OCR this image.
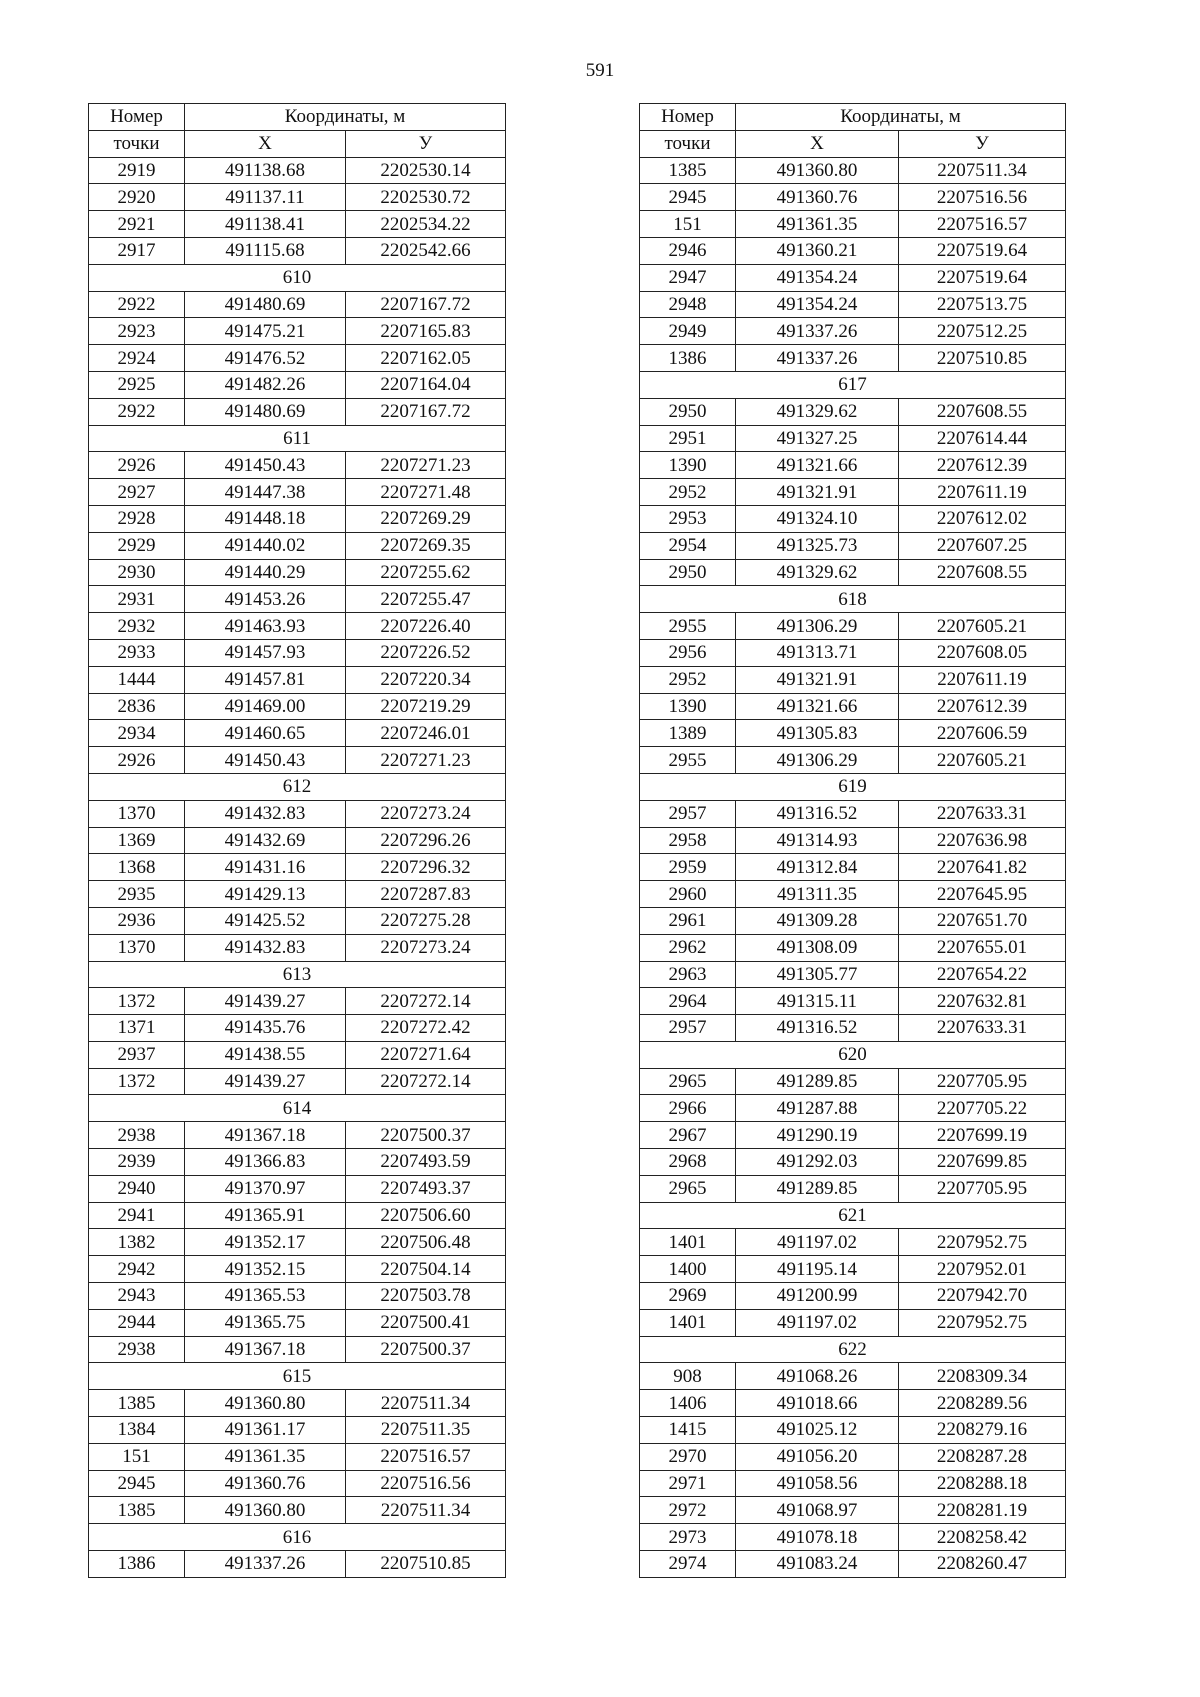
591
Номер	Координаты, м	
точки	Х	У
2919	491138.68	2202530.14
2920	491137.11	2202530.72
2921	491138.41	2202534.22
2917	491115.68	2202542.66
610		
2922	491480.69	2207167.72
2923	491475.21	2207165.83
2924	491476.52	2207162.05
2925	491482.26	2207164.04
2922	491480.69	2207167.72
611		
2926	491450.43	2207271.23
2927	491447.38	2207271.48
2928	491448.18	2207269.29
2929	491440.02	2207269.35
2930	491440.29	2207255.62
2931	491453.26	2207255.47
2932	491463.93	2207226.40
2933	491457.93	2207226.52
1444	491457.81	2207220.34
2836	491469.00	2207219.29
2934	491460.65	2207246.01
2926	491450.43	2207271.23
612		
1370	491432.83	2207273.24
1369	491432.69	2207296.26
1368	491431.16	2207296.32
2935	491429.13	2207287.83
2936	491425.52	2207275.28
1370	491432.83	2207273.24
613		
1372	491439.27	2207272.14
1371	491435.76	2207272.42
2937	491438.55	2207271.64
1372	491439.27	2207272.14
614		
2938	491367.18	2207500.37
2939	491366.83	2207493.59
2940	491370.97	2207493.37
2941	491365.91	2207506.60
1382	491352.17	2207506.48
2942	491352.15	2207504.14
2943	491365.53	2207503.78
2944	491365.75	2207500.41
2938	491367.18	2207500.37
615		
1385	491360.80	2207511.34
1384	491361.17	2207511.35
151	491361.35	2207516.57
2945	491360.76	2207516.56
1385	491360.80	2207511.34
616		
1386	491337.26	2207510.85
Номер	Координаты, м	
точки	Х	У
1385	491360.80	2207511.34
2945	491360.76	2207516.56
151	491361.35	2207516.57
2946	491360.21	2207519.64
2947	491354.24	2207519.64
2948	491354.24	2207513.75
2949	491337.26	2207512.25
1386	491337.26	2207510.85
617		
2950	491329.62	2207608.55
2951	491327.25	2207614.44
1390	491321.66	2207612.39
2952	491321.91	2207611.19
2953	491324.10	2207612.02
2954	491325.73	2207607.25
2950	491329.62	2207608.55
618		
2955	491306.29	2207605.21
2956	491313.71	2207608.05
2952	491321.91	2207611.19
1390	491321.66	2207612.39
1389	491305.83	2207606.59
2955	491306.29	2207605.21
619		
2957	491316.52	2207633.31
2958	491314.93	2207636.98
2959	491312.84	2207641.82
2960	491311.35	2207645.95
2961	491309.28	2207651.70
2962	491308.09	2207655.01
2963	491305.77	2207654.22
2964	491315.11	2207632.81
2957	491316.52	2207633.31
620		
2965	491289.85	2207705.95
2966	491287.88	2207705.22
2967	491290.19	2207699.19
2968	491292.03	2207699.85
2965	491289.85	2207705.95
621		
1401	491197.02	2207952.75
1400	491195.14	2207952.01
2969	491200.99	2207942.70
1401	491197.02	2207952.75
622		
908	491068.26	2208309.34
1406	491018.66	2208289.56
1415	491025.12	2208279.16
2970	491056.20	2208287.28
2971	491058.56	2208288.18
2972	491068.97	2208281.19
2973	491078.18	2208258.42
2974	491083.24	2208260.47
